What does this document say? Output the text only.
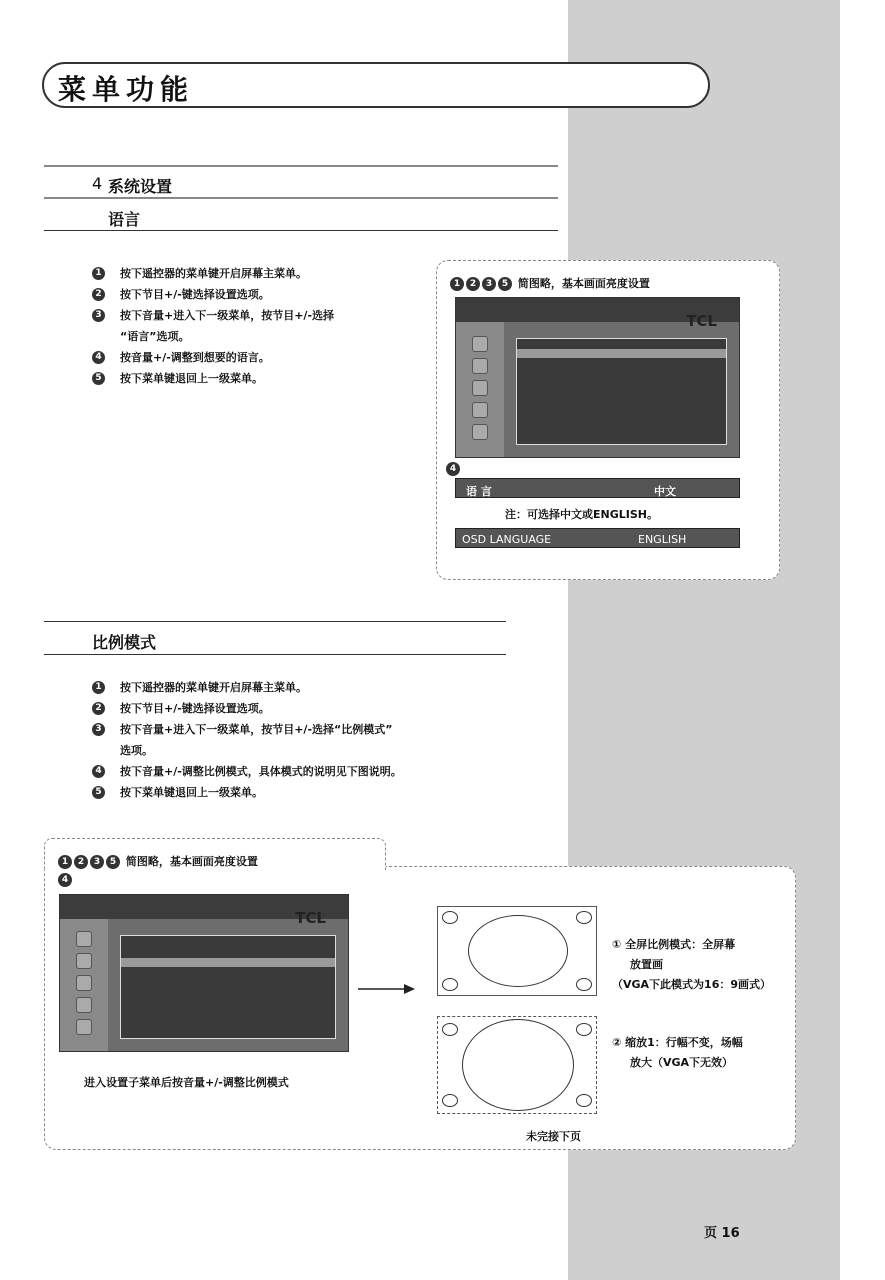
菜单功能
4 系统设置
语言
1	按下遥控器的菜单键开启屏幕主菜单。
2	按下节目+/-键选择设置选项。
3	按下音量+进入下一级菜单，按节目+/-选择
“语言”选项。
4	按音量+/-调整到想要的语言。
5	按下菜单键退回上一级菜单。
1 2 3 5 简图略，基本画面亮度设置
TCL
4
语 言	中文
注：可选择中文或ENGLISH。
OSD LANGUAGE	ENGLISH
比例模式
1	按下遥控器的菜单键开启屏幕主菜单。
2	按下节目+/-键选择设置选项。
3	按下音量+进入下一级菜单，按节目+/-选择“比例模式”
选项。
4	按下音量+/-调整比例模式，具体模式的说明见下图说明。
5	按下菜单键退回上一级菜单。
1 2 3 5 简图略，基本画面亮度设置
4
TCL
进入设置子菜单后按音量+/-调整比例模式
① 全屏比例模式：全屏幕
放置画
（VGA下此模式为16：9画式）
② 缩放1：行幅不变，场幅
放大（VGA下无效）
未完接下页
页 16
